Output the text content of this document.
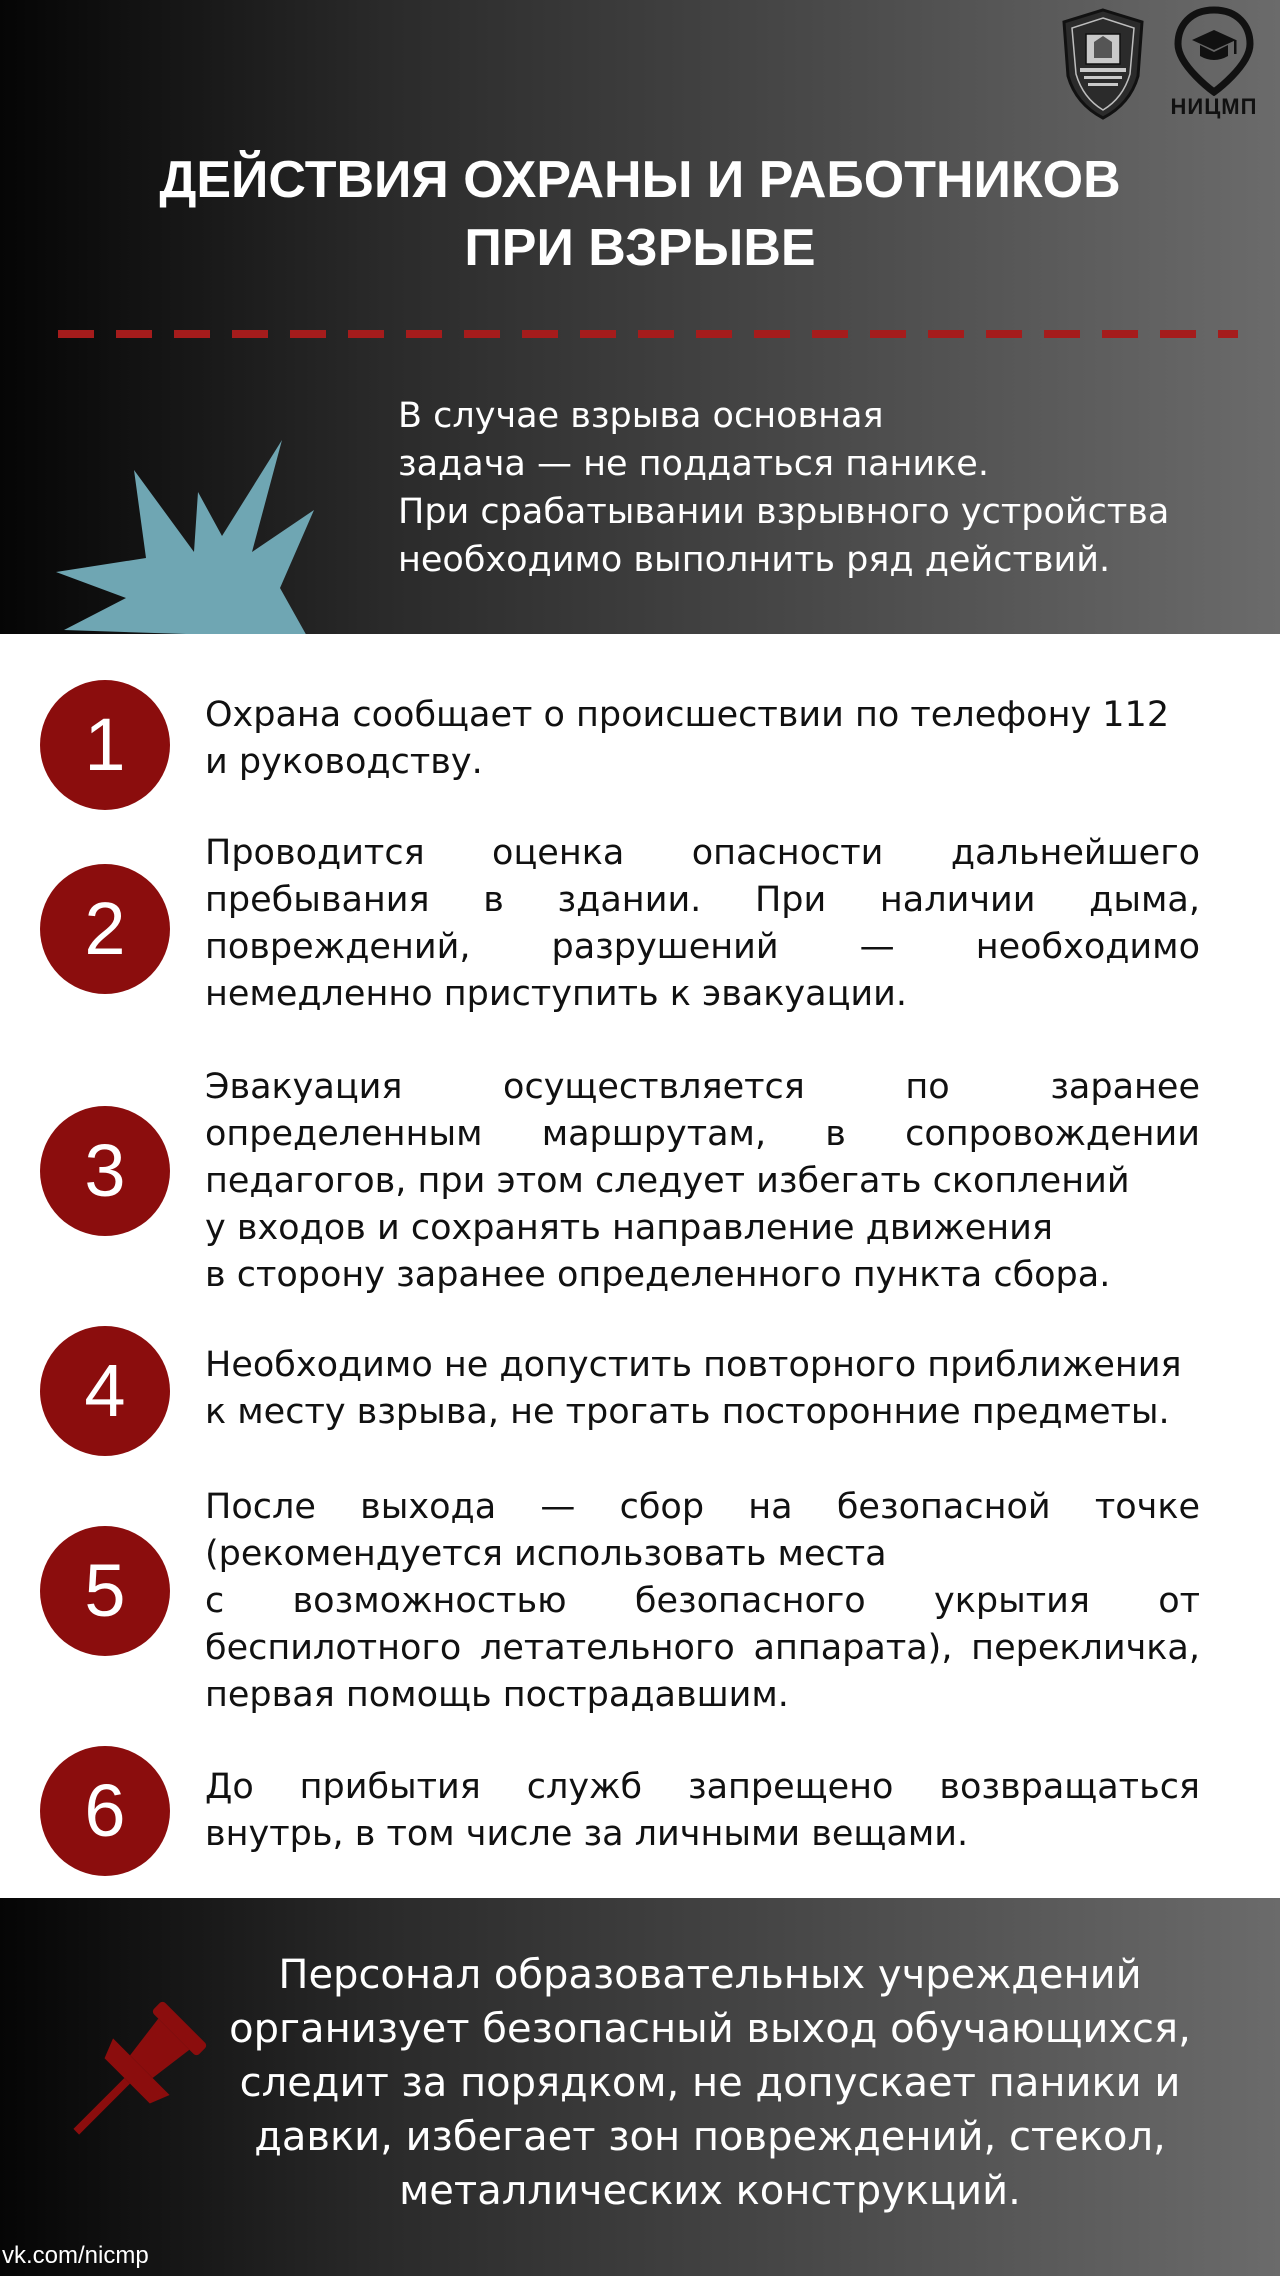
НИЦМП
ДЕЙСТВИЯ ОХРАНЫ И РАБОТНИКОВ
ПРИ ВЗРЫВЕ
В случае взрыва основная
задача — не поддаться панике.
При срабатывании взрывного устройства
необходимо выполнить ряд действий.
1	Охрана сообщает о происшествии по телефону 112
и руководству.
2
Проводится оценка опасности дальнейшего
пребывания в здании. При наличии дыма,
повреждений, разрушений — необходимо
немедленно приступить к эвакуации.
3
Эвакуация осуществляется по заранее
определенным маршрутам, в сопровождении
педагогов, при этом следует избегать скоплений
у входов и сохранять направление движения
в сторону заранее определенного пункта сбора.
4	Необходимо не допустить повторного приближения
к месту взрыва, не трогать посторонние предметы.
5
После выхода — сбор на безопасной точке
(рекомендуется использовать места
с возможностью безопасного укрытия от
беспилотного летательного аппарата), перекличка,
первая помощь пострадавшим.
6	До прибытия служб запрещено возвращаться
внутрь, в том числе за личными вещами.
Персонал образовательных учреждений
организует безопасный выход обучающихся,
следит за порядком, не допускает паники и
давки, избегает зон повреждений, стекол,
металлических конструкций.
vk.com/nicmp
